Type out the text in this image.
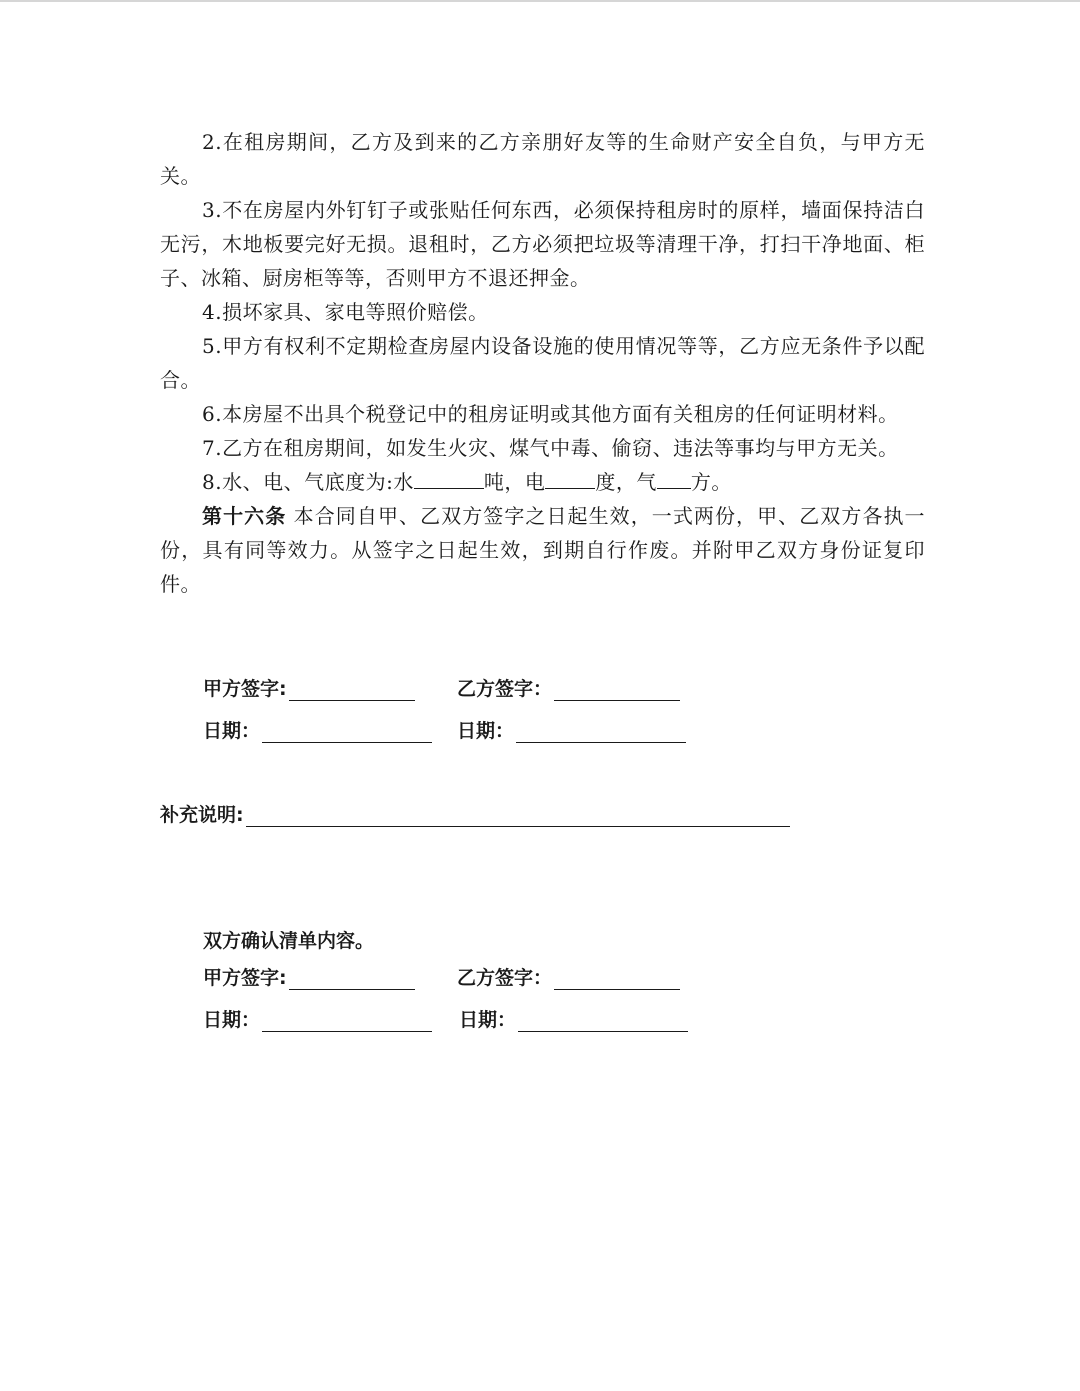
2.在租房期间，乙方及到来的乙方亲朋好友等的生命财产安全自负，与甲方无关。

3.不在房屋内外钉钉子或张贴任何东西，必须保持租房时的原样，墙面保持洁白无污，木地板要完好无损。退租时，乙方必须把垃圾等清理干净，打扫干净地面、柜子、冰箱、厨房柜等等，否则甲方不退还押金。

4.损坏家具、家电等照价赔偿。

5.甲方有权利不定期检查房屋内设备设施的使用情况等等，乙方应无条件予以配合。

6.本房屋不出具个税登记中的租房证明或其他方面有关租房的任何证明材料。

7.乙方在租房期间，如发生火灾、煤气中毒、偷窃、违法等事均与甲方无关。

8.水、电、气底度为:水	吨，电	度，气 方。

第十六条 本合同自甲、乙双方签字之日起生效，一式两份，甲、乙双方各执一份，具有同等效力。从签字之日起生效，到期自行作废。并附甲乙双方身份证复印件。

甲方签字:	乙方签字：
日期：	日期：
补充说明:
双方确认清单内容。
甲方签字:	乙方签字：
日期：	日期：
